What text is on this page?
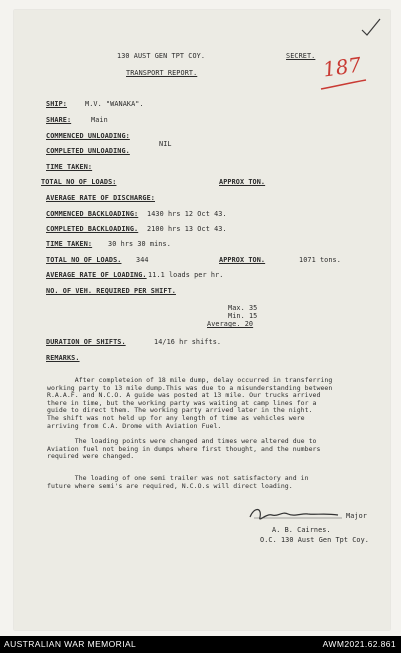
130 AUST GEN TPT COY.	SECRET.
TRANSPORT REPORT.	187
SHIP:	M.V. "WANAKA".
SHARE:	Main
COMMENCED UNLOADING:
NIL
COMPLETED UNLOADING.
TIME TAKEN:
TOTAL NO OF LOADS:	APPROX TON.
AVERAGE RATE OF DISCHARGE:
COMMENCED BACKLOADING: 1430 hrs 12 Oct 43.
COMPLETED BACKLOADING. 2100 hrs 13 Oct 43.
TIME TAKEN: 30 hrs 30 mins.
TOTAL NO OF LOADS. 344	APPROX TON.	1071 tons.
AVERAGE RATE OF LOADING. 11.1 loads per hr.
NO. OF VEH. REQUIRED PER SHIFT.
Max. 35
Min. 15
Average. 20
DURATION OF SHIFTS.	14/16 hr shifts.
REMARKS.
After completeion of 18 mile dump, delay occurred in transferring
working party to 13 mile dump.This was due to a misunderstanding between
R.A.A.F. and N.C.O. A guide was posted at 13 mile. Our trucks arrived
there in time, but the working party was waiting at camp lines for a
guide to direct them. The working party arrived later in the night.
The shift was not held up for any length of time as vehicles were
arriving from C.A. Drome with Aviation Fuel.
The loading points were changed and times were altered due to
Aviation fuel not being in dumps where first thought, and the numbers
required were changed.
The loading of one semi trailer was not satisfactory and in
future where semi's are required, N.C.O.s will direct loading.
Major
A. B. Cairnes.
O.C. 130 Aust Gen Tpt Coy.
AUSTRALIAN WAR MEMORIAL	AWM2021.62.861
